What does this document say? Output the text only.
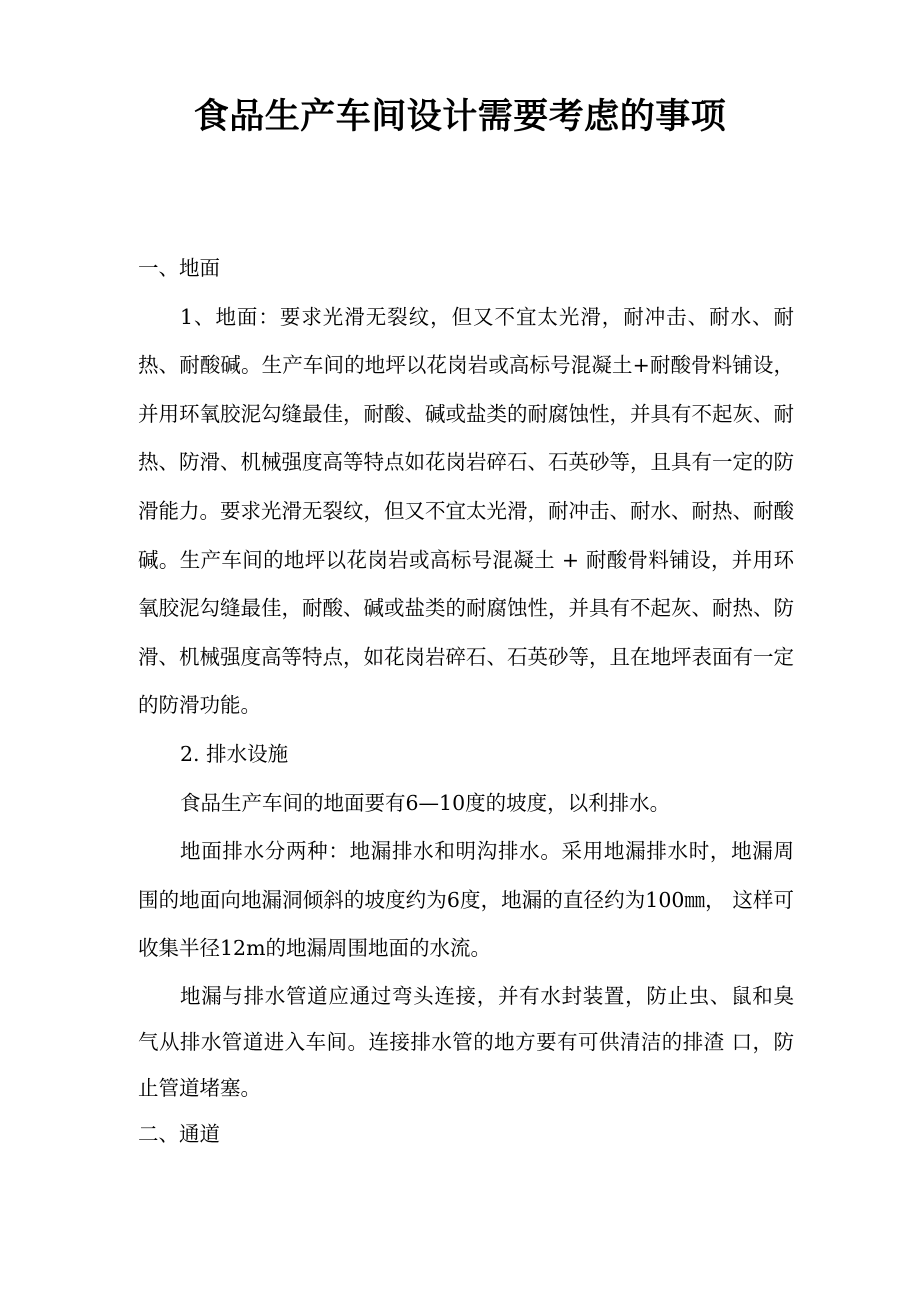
食品生产车间设计需要考虑的事项

一、地面

1、地面：要求光滑无裂纹，但又不宜太光滑，耐冲击、耐水、耐热、耐酸碱。生产车间的地坪以花岗岩或高标号混凝土+耐酸骨料铺设，并用环氧胶泥勾缝最佳，耐酸、碱或盐类的耐腐蚀性，并具有不起灰、耐热、防滑、机械强度高等特点如花岗岩碎石、石英砂等，且具有一定的防滑能力。要求光滑无裂纹，但又不宜太光滑，耐冲击、耐水、耐热、耐酸碱。生产车间的地坪以花岗岩或高标号混凝土 + 耐酸骨料铺设，并用环氧胶泥勾缝最佳，耐酸、碱或盐类的耐腐蚀性，并具有不起灰、耐热、防滑、机械强度高等特点，如花岗岩碎石、石英砂等，且在地坪表面有一定的防滑功能。

2. 排水设施

食品生产车间的地面要有6—10度的坡度，以利排水。

地面排水分两种：地漏排水和明沟排水。采用地漏排水时，地漏周围的地面向地漏洞倾斜的坡度约为6度，地漏的直径约为100㎜， 这样可收集半径12m的地漏周围地面的水流。

地漏与排水管道应通过弯头连接，并有水封装置，防止虫、鼠和臭气从排水管道进入车间。连接排水管的地方要有可供清洁的排渣 口，防止管道堵塞。

二、通道
